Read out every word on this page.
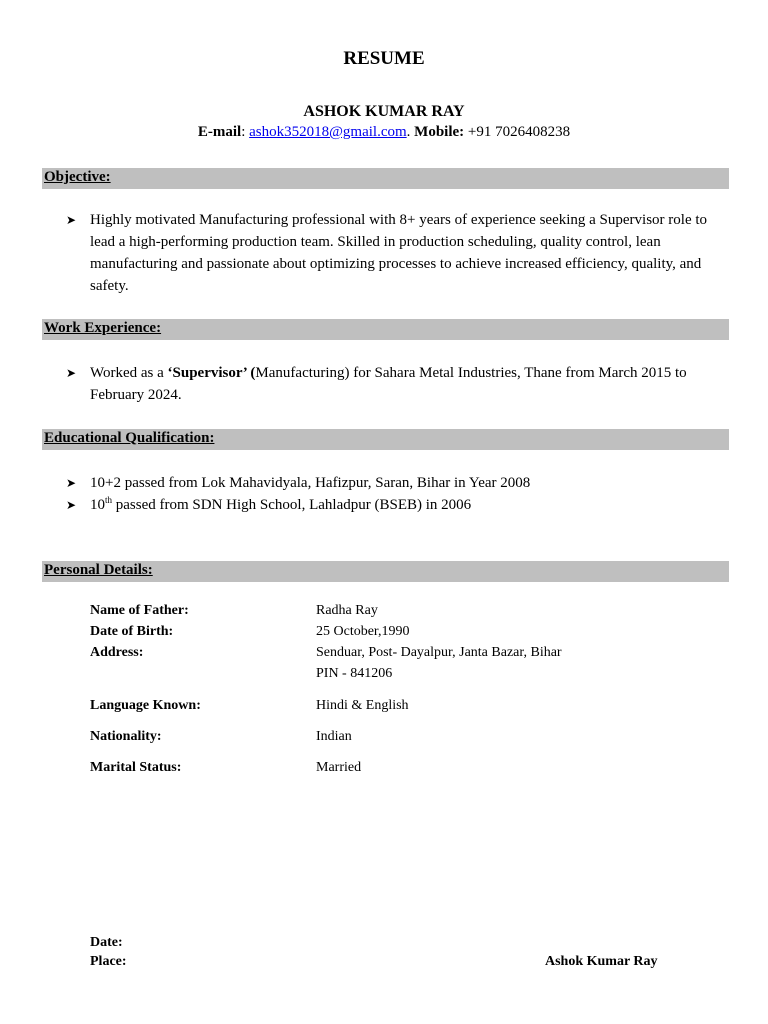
RESUME
ASHOK KUMAR RAY
E-mail: ashok352018@gmail.com. Mobile: +91 7026408238
Objective:
➤ Highly motivated Manufacturing professional with 8+ years of experience seeking a Supervisor role to lead a high-performing production team. Skilled in production scheduling, quality control, lean manufacturing and passionate about optimizing processes to achieve increased efficiency, quality, and safety.
Work Experience:
➤ Worked as a ‘Supervisor’ (Manufacturing) for Sahara Metal Industries, Thane from March 2015 to February 2024.
Educational Qualification:
➤ 10+2 passed from Lok Mahavidyala, Hafizpur, Saran, Bihar in Year 2008
➤ 10th passed from SDN High School, Lahladpur (BSEB) in 2006
Personal Details:
Name of Father:	Radha Ray
Date of Birth:	25 October,1990
Address:	Senduar, Post- Dayalpur, Janta Bazar, Bihar
PIN - 841206
Language Known:	Hindi & English
Nationality:	Indian
Marital Status:	Married
Date:
Place:	Ashok Kumar Ray
